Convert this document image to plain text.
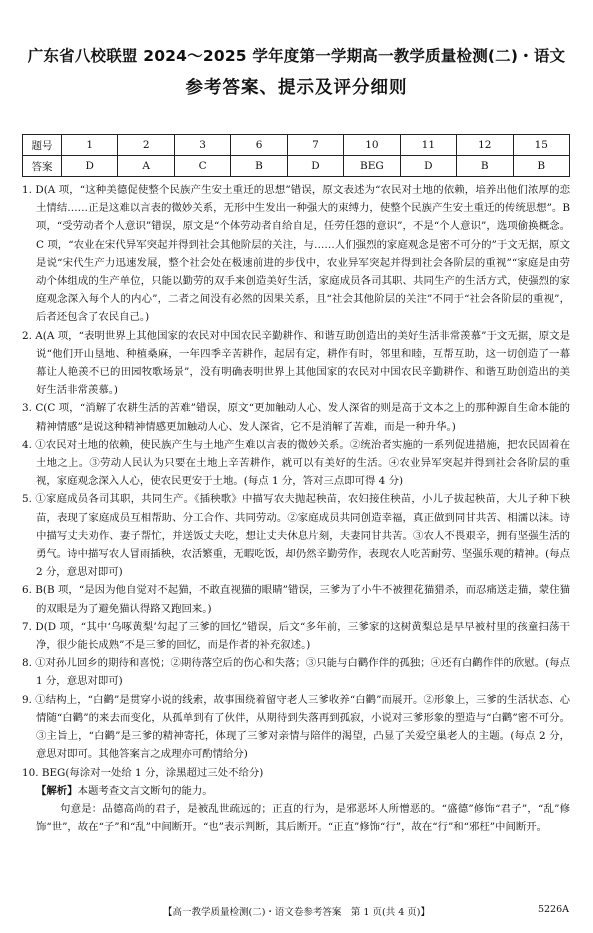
广东省八校联盟 2024～2025 学年度第一学期高一教学质量检测(二)・语文
参考答案、提示及评分细则
题号	1	2	3	6	7	10	11	12	15
答案	D	A	C	B	D	BEG	D	B	B

1. D(A 项，“这种美德促使整个民族产生安土重迁的思想”错误，原文表述为“农民对土地的依赖，培养出他们浓厚的恋土情结……正是这难以言表的微妙关系，无形中生发出一种强大的束缚力，使整个民族产生安土重迁的传统思想”。B 项，“受劳动者个人意识”错误，原文是“个体劳动者自给自足，任劳任怨的意识”，不是“个人意识”，选项偷换概念。C 项，“农业在宋代异军突起并得到社会其他阶层的关注，与……人们强烈的家庭观念是密不可分的”于文无据，原文是说“宋代生产力迅速发展，整个社会处在极速前进的步伐中，农业异军突起并得到社会各阶层的重视”“家庭是由劳动个体组成的生产单位，只能以勤劳的双手来创造美好生活，家庭成员各司其职、共同生产的生活方式，使强烈的家庭观念深入每个人的内心”，二者之间没有必然的因果关系，且“社会其他阶层的关注”不同于“社会各阶层的重视”，后者还包含了农民自己。)

2. A(A 项，“表明世界上其他国家的农民对中国农民辛勤耕作、和谐互助创造出的美好生活非常羡慕”于文无据，原文是说“他们开山垦地、种植桑麻，一年四季辛苦耕作，起居有定，耕作有时，邻里和睦，互帮互助，这一切创造了一幕幕让人艳羡不已的田园牧歌场景”，没有明确表明世界上其他国家的农民对中国农民辛勤耕作、和谐互助创造出的美好生活非常羡慕。)

3. C(C 项，“消解了农耕生活的苦难”错误，原文“更加触动人心、发人深省的则是高于文本之上的那种源自生命本能的精神情感”是说这种精神情感更加触动人心、发人深省，它不是消解了苦难，而是一种升华。)

4. ①农民对土地的依赖，使民族产生与土地产生难以言表的微妙关系。②统治者实施的一系列促进措施，把农民固着在土地之上。③劳动人民认为只要在土地上辛苦耕作，就可以有美好的生活。④农业异军突起并得到社会各阶层的重视，家庭观念深入人心，使农民更安于土地。(每点 1 分，答对三点即可得 4 分)

5. ①家庭成员各司其职，共同生产。《插秧歌》中描写农夫抛起秧苗，农妇接住秧苗，小儿子拔起秧苗，大儿子种下秧苗，表现了家庭成员互相帮助、分工合作、共同劳动。②家庭成员共同创造幸福，真正做到同甘共苦、相濡以沫。诗中描写丈夫劝作、妻子帮忙，并送饭丈夫吃，想让丈夫休息片刻，夫妻同甘共苦。③农人不畏艰辛，拥有坚强生活的勇气。诗中描写农人冒雨插秧，农活繁重，无暇吃饭，却仍然辛勤劳作，表现农人吃苦耐劳、坚强乐观的精神。(每点 2 分，意思对即可)

6. B(B 项，“是因为他自觉对不起猫，不敢直视猫的眼睛”错误，三爹为了小牛不被狸花猫猎杀，而忍痛送走猫，蒙住猫的双眼是为了避免猫认得路又跑回来。)

7. D(D 项，“其中‘乌啄黄梨’勾起了三爹的回忆”错误，后文“多年前，三爹家的这树黄梨总是早早被村里的孩童扫荡干净，很少能长成熟”不是三爹的回忆，而是作者的补充叙述。)

8. ①对孙儿回乡的期待和喜悦；②期待落空后的伤心和失落；③只能与白鹳作伴的孤独；④还有白鹳作伴的欣慰。(每点 1 分，意思对即可)

9. ①结构上，“白鹳”是贯穿小说的线索，故事围绕着留守老人三爹收养“白鹳”而展开。②形象上，三爹的生活状态、心情随“白鹳”的来去而变化，从孤单到有了伙伴，从期待到失落再到孤寂，小说对三爹形象的塑造与“白鹳”密不可分。③主旨上，“白鹳”是三爹的精神寄托，体现了三爹对亲情与陪伴的渴望，凸显了关爱空巢老人的主题。(每点 2 分，意思对即可。其他答案言之成理亦可酌情给分)

10. BEG(每涂对一处给 1 分，涂黑超过三处不给分)

【解析】本题考查文言文断句的能力。

句意是：品德高尚的君子，是被乱世疏远的；正直的行为，是邪恶坏人所憎恶的。“盛德”修饰“君子”，“乱”修饰“世”，故在“子”和“乱”中间断开。“也”表示判断，其后断开。“正直”修饰“行”，故在“行”和“邪枉”中间断开。

【高一教学质量检测(二)・语文卷参考答案　第 1 页(共 4 页)】	5226A
